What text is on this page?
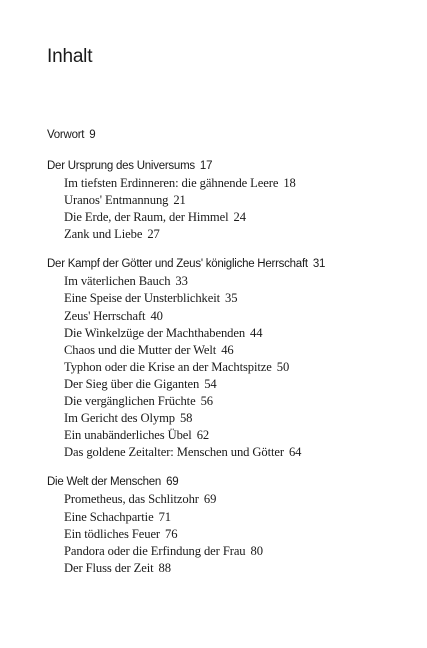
Inhalt
Vorwort 9
Der Ursprung des Universums 17
Im tiefsten Erdinneren: die gähnende Leere 18
Uranos' Entmannung 21
Die Erde, der Raum, der Himmel 24
Zank und Liebe 27
Der Kampf der Götter und Zeus' königliche Herrschaft 31
Im väterlichen Bauch 33
Eine Speise der Unsterblichkeit 35
Zeus' Herrschaft 40
Die Winkelzüge der Machthabenden 44
Chaos und die Mutter der Welt 46
Typhon oder die Krise an der Machtspitze 50
Der Sieg über die Giganten 54
Die vergänglichen Früchte 56
Im Gericht des Olymp 58
Ein unabänderliches Übel 62
Das goldene Zeitalter: Menschen und Götter 64
Die Welt der Menschen 69
Prometheus, das Schlitzohr 69
Eine Schachpartie 71
Ein tödliches Feuer 76
Pandora oder die Erfindung der Frau 80
Der Fluss der Zeit 88
